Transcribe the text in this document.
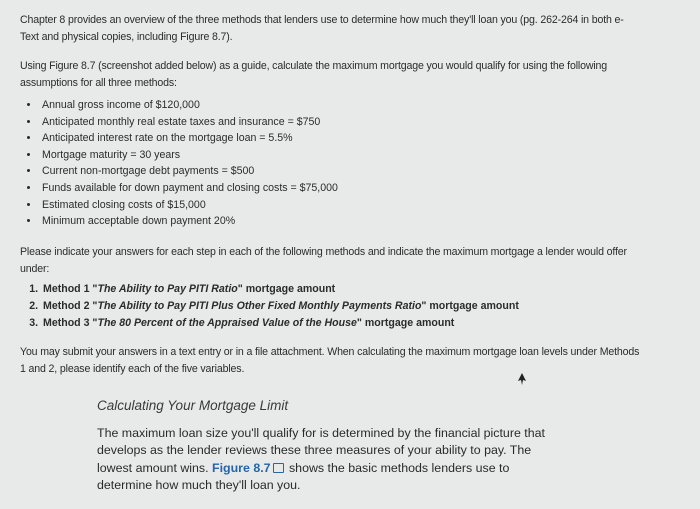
Chapter 8 provides an overview of the three methods that lenders use to determine how much they'll loan you (pg. 262-264 in both e-Text and physical copies, including Figure 8.7).
Using Figure 8.7 (screenshot added below) as a guide, calculate the maximum mortgage you would qualify for using the following assumptions for all three methods:
• Annual gross income of $120,000
• Anticipated monthly real estate taxes and insurance = $750
• Anticipated interest rate on the mortgage loan = 5.5%
• Mortgage maturity = 30 years
• Current non-mortgage debt payments = $500
• Funds available for down payment and closing costs = $75,000
• Estimated closing costs of $15,000
• Minimum acceptable down payment 20%
Please indicate your answers for each step in each of the following methods and indicate the maximum mortgage a lender would offer under:
1. Method 1 "The Ability to Pay PITI Ratio" mortgage amount
2. Method 2 "The Ability to Pay PITI Plus Other Fixed Monthly Payments Ratio" mortgage amount
3. Method 3 "The 80 Percent of the Appraised Value of the House" mortgage amount
You may submit your answers in a text entry or in a file attachment. When calculating the maximum mortgage loan levels under Methods 1 and 2, please identify each of the five variables.
Calculating Your Mortgage Limit

The maximum loan size you'll qualify for is determined by the financial picture that develops as the lender reviews these three measures of your ability to pay. The lowest amount wins. Figure 8.7 shows the basic methods lenders use to determine how much they'll loan you.
